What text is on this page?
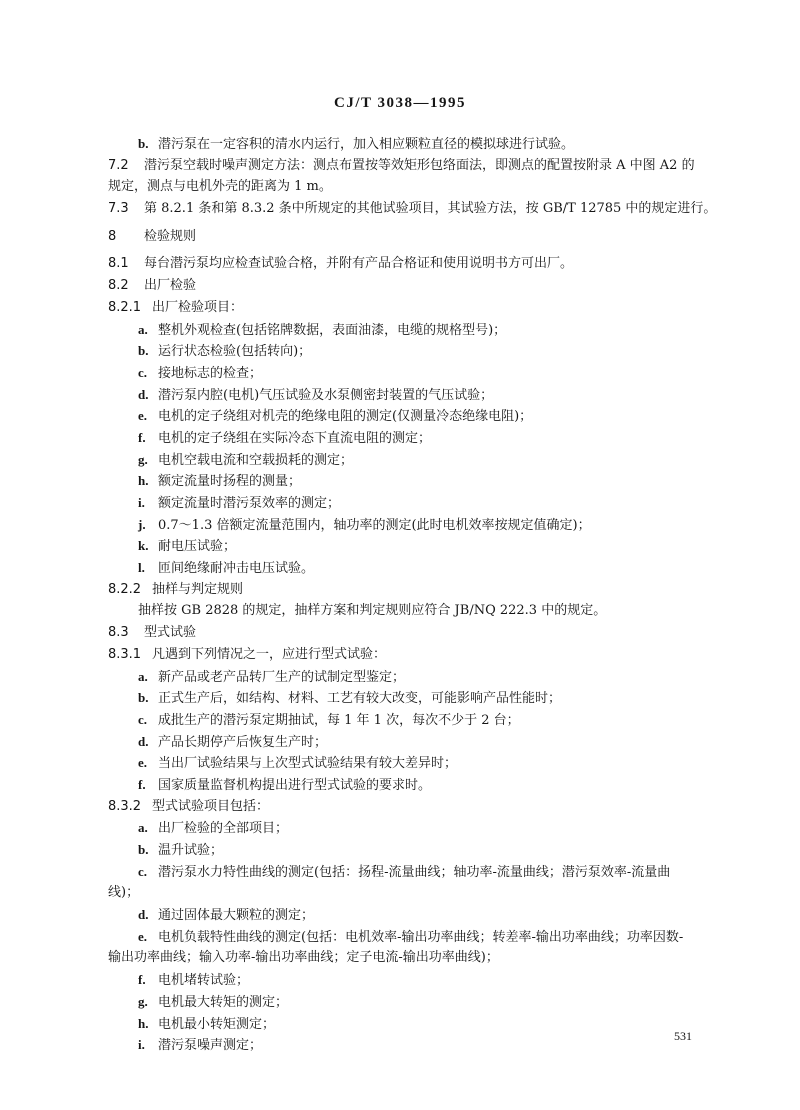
CJ/T 3038—1995
b. 潜污泵在一定容积的清水内运行，加入相应颗粒直径的模拟球进行试验。
7.2 潜污泵空载时噪声测定方法：测点布置按等效矩形包络面法，即测点的配置按附录 A 中图 A2 的
规定，测点与电机外壳的距离为 1 m。
7.3 第 8.2.1 条和第 8.3.2 条中所规定的其他试验项目，其试验方法，按 GB/T 12785 中的规定进行。
8 检验规则
8.1 每台潜污泵均应检查试验合格，并附有产品合格证和使用说明书方可出厂。
8.2 出厂检验
8.2.1 出厂检验项目：
a. 整机外观检查(包括铭牌数据，表面油漆，电缆的规格型号)；
b. 运行状态检验(包括转向)；
c. 接地标志的检查；
d. 潜污泵内腔(电机)气压试验及水泵侧密封装置的气压试验；
e. 电机的定子绕组对机壳的绝缘电阻的测定(仅测量冷态绝缘电阻)；
f. 电机的定子绕组在实际冷态下直流电阻的测定；
g. 电机空载电流和空载损耗的测定；
h. 额定流量时扬程的测量；
i. 额定流量时潜污泵效率的测定；
j. 0.7～1.3 倍额定流量范围内，轴功率的测定(此时电机效率按规定值确定)；
k. 耐电压试验；
l. 匝间绝缘耐冲击电压试验。
8.2.2 抽样与判定规则
抽样按 GB 2828 的规定，抽样方案和判定规则应符合 JB/NQ 222.3 中的规定。
8.3 型式试验
8.3.1 凡遇到下列情况之一，应进行型式试验：
a. 新产品或老产品转厂生产的试制定型鉴定；
b. 正式生产后，如结构、材料、工艺有较大改变，可能影响产品性能时；
c. 成批生产的潜污泵定期抽试，每 1 年 1 次，每次不少于 2 台；
d. 产品长期停产后恢复生产时；
e. 当出厂试验结果与上次型式试验结果有较大差异时；
f. 国家质量监督机构提出进行型式试验的要求时。
8.3.2 型式试验项目包括：
a. 出厂检验的全部项目；
b. 温升试验；
c. 潜污泵水力特性曲线的测定(包括：扬程-流量曲线；轴功率-流量曲线；潜污泵效率-流量曲
线)；
d. 通过固体最大颗粒的测定；
e. 电机负载特性曲线的测定(包括：电机效率-输出功率曲线；转差率-输出功率曲线；功率因数-
输出功率曲线；输入功率-输出功率曲线；定子电流-输出功率曲线)；
f. 电机堵转试验；
g. 电机最大转矩的测定；
h. 电机最小转矩测定；
i. 潜污泵噪声测定；
531
